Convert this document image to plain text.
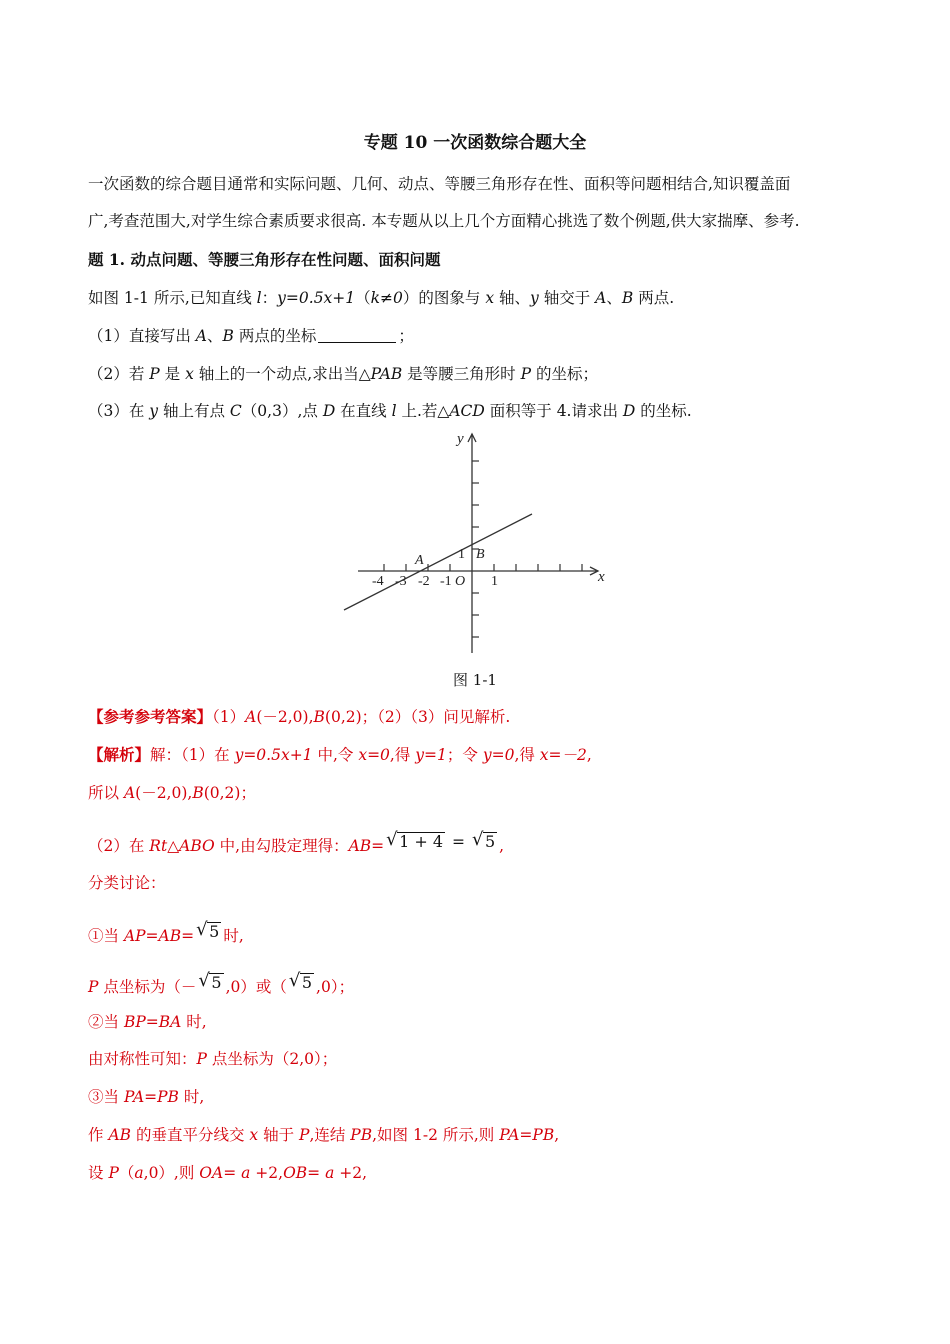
专题 10 一次函数综合题大全
一次函数的综合题目通常和实际问题、几何、动点、等腰三角形存在性、面积等问题相结合,知识覆盖面
广,考查范围大,对学生综合素质要求很高. 本专题从以上几个方面精心挑选了数个例题,供大家揣摩、参考.
题 1. 动点问题、等腰三角形存在性问题、面积问题
如图 1-1 所示,已知直线 l：y=0.5x+1（k≠0）的图象与 x 轴、y 轴交于 A、B 两点.
（1）直接写出 A、B 两点的坐标	；
（2）若 P 是 x 轴上的一个动点,求出当△PAB 是等腰三角形时 P 的坐标；
（3）在 y 轴上有点 C（0,3）,点 D 在直线 l 上.若△ACD 面积等于 4.请求出 D 的坐标.
y
x
A	B
1
O
-4 -3 -2 -1	1
图 1-1
【参考参考答案】（1）A(－2,0),B(0,2)；（2）（3）问见解析.
【解析】解：（1）在 y=0.5x+1 中,令 x=0,得 y=1；令 y=0,得 x=－2,
所以 A(－2,0),B(0,2)；
（2）在 Rt△ABO 中,由勾股定理得：AB= √ 1 + 4 = √ 5 ,
分类讨论：
①当 AP=AB= √ 5 时,
P 点坐标为（－ √ 5 ,0）或（ √ 5 ,0）；
②当 BP=BA 时,
由对称性可知：P 点坐标为（2,0）；
③当 PA=PB 时,
作 AB 的垂直平分线交 x 轴于 P,连结 PB,如图 1-2 所示,则 PA=PB,
设 P（a,0）,则 OA= a +2,OB= a +2,
